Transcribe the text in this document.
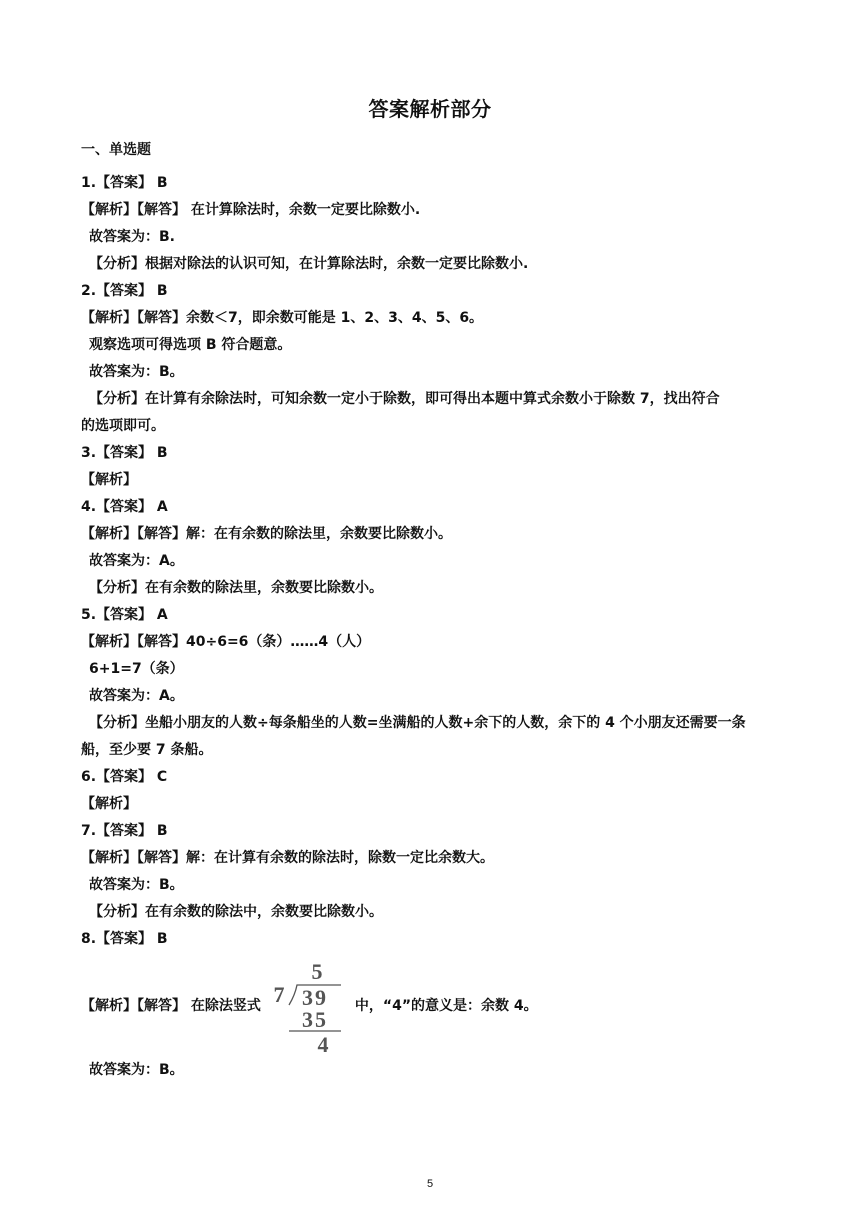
答案解析部分
一、单选题
1.【答案】 B
【解析】【解答】 在计算除法时，余数一定要比除数小.
故答案为：B.
【分析】根据对除法的认识可知，在计算除法时，余数一定要比除数小.
2.【答案】 B
【解析】【解答】余数＜7，即余数可能是 1、2、3、4、5、6。
观察选项可得选项 B 符合题意。
故答案为：B。
【分析】在计算有余除法时，可知余数一定小于除数，即可得出本题中算式余数小于除数 7，找出符合
的选项即可。
3.【答案】 B
【解析】
4.【答案】 A
【解析】【解答】解：在有余数的除法里，余数要比除数小。
故答案为：A。
【分析】在有余数的除法里，余数要比除数小。
5.【答案】 A
【解析】【解答】40÷6=6（条）……4（人）
6+1=7（条）
故答案为：A。
【分析】坐船小朋友的人数÷每条船坐的人数=坐满船的人数+余下的人数，余下的 4 个小朋友还需要一条
船，至少要 7 条船。
6.【答案】 C
【解析】
7.【答案】 B
【解析】【解答】解：在计算有余数的除法时，除数一定比余数大。
故答案为：B。
【分析】在有余数的除法中，余数要比除数小。
8.【答案】 B
【解析】【解答】 在除法竖式
5
7 39
35
4
中，“4”的意义是：余数 4。
故答案为：B。
5
